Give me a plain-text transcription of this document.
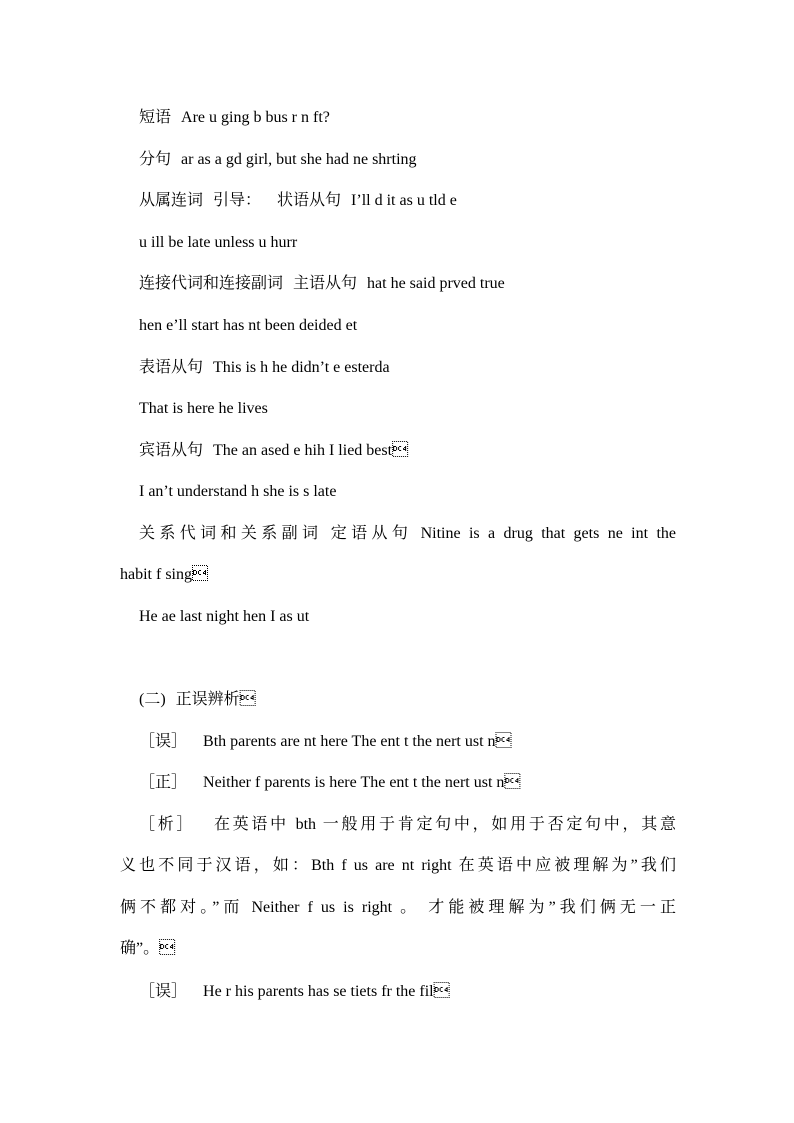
短语 Are u ging b bus r n ft?
分句 ar as a gd girl, but she had ne shrting
从属连词 引导： 状语从句 I’ll d it as u tld e
u ill be late unless u hurr
连接代词和连接副词 主语从句 hat he said prved true
hen e’ll start has nt been deided et
表语从句 This is h he didn’t e esterda
That is here he lives
宾语从句 The an ased e hih I lied best
I an’t understand h she is s late
关系代词和关系副词 定语从句 Nitine is a drug that gets ne int the
habit f sing
He ae last night hen I as ut
(二) 正误辨析
［误］ Bth parents are nt here The ent t the nert ust n
［正］ Neither f parents is here The ent t the nert ust n
［析］ 在英语中 bth 一般用于肯定句中，如用于否定句中，其意
义也不同于汉语，如：Bth f us are nt right 在英语中应被理解为”我们
俩不都对。”而 Neither f us is right 。 才能被理解为”我们俩无一正
确”。
［误］ He r his parents has se tiets fr the fil
